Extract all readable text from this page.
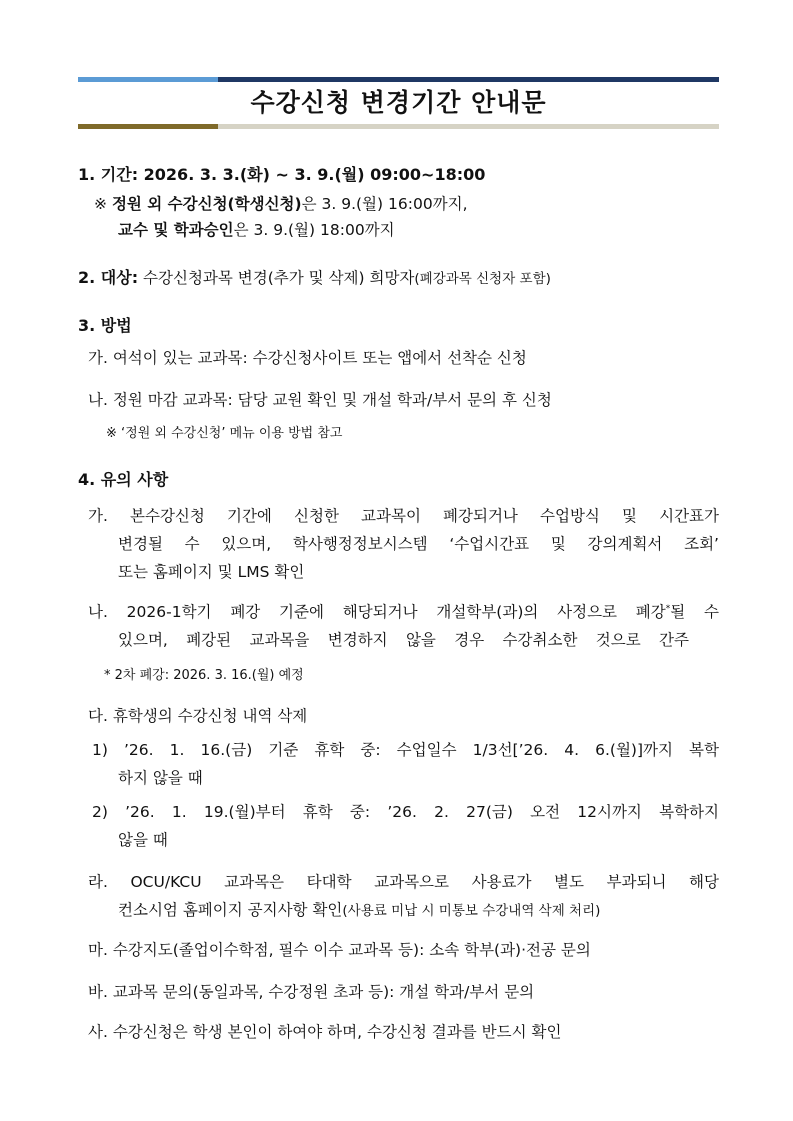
수강신청 변경기간 안내문
1. 기간: 2026. 3. 3.(화) ~ 3. 9.(월) 09:00~18:00
※ 정원 외 수강신청(학생신청)은 3. 9.(월) 16:00까지,
교수 및 학과승인은 3. 9.(월) 18:00까지
2. 대상: 수강신청과목 변경(추가 및 삭제) 희망자(폐강과목 신청자 포함)
3. 방법
가. 여석이 있는 교과목: 수강신청사이트 또는 앱에서 선착순 신청
나. 정원 마감 교과목: 담당 교원 확인 및 개설 학과/부서 문의 후 신청
※ ‘정원 외 수강신청’ 메뉴 이용 방법 참고
4. 유의 사항
가. 본수강신청 기간에 신청한 교과목이 폐강되거나 수업방식 및 시간표가
변경될 수 있으며, 학사행정정보시스템 ‘수업시간표 및 강의계획서 조회’
또는 홈페이지 및 LMS 확인
나. 2026-1학기 폐강 기준에 해당되거나 개설학부(과)의 사정으로 폐강*될 수
있으며, 폐강된 교과목을 변경하지 않을 경우 수강취소한 것으로 간주
* 2차 폐강: 2026. 3. 16.(월) 예정
다. 휴학생의 수강신청 내역 삭제
1) ’26. 1. 16.(금) 기준 휴학 중: 수업일수 1/3선[’26. 4. 6.(월)]까지 복학
하지 않을 때
2) ’26. 1. 19.(월)부터 휴학 중: ’26. 2. 27(금) 오전 12시까지 복학하지
않을 때
라. OCU/KCU 교과목은 타대학 교과목으로 사용료가 별도 부과되니 해당
컨소시엄 홈페이지 공지사항 확인(사용료 미납 시 미통보 수강내역 삭제 처리)
마. 수강지도(졸업이수학점, 필수 이수 교과목 등): 소속 학부(과)·전공 문의
바. 교과목 문의(동일과목, 수강정원 초과 등): 개설 학과/부서 문의
사. 수강신청은 학생 본인이 하여야 하며, 수강신청 결과를 반드시 확인
